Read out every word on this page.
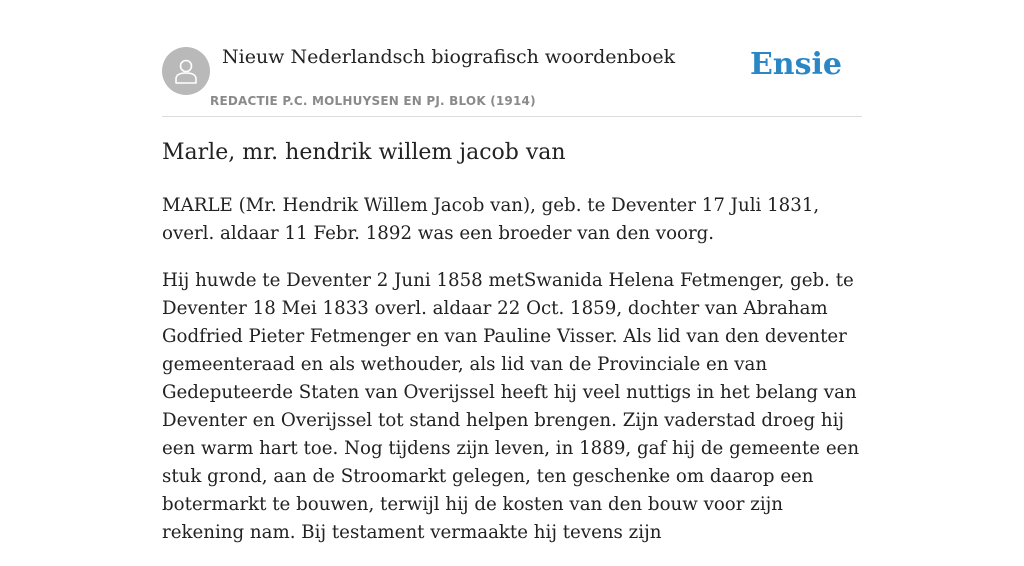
Nieuw Nederlandsch biografisch woordenboek
REDACTIE P.C. MOLHUYSEN EN PJ. BLOK (1914)
Ensie
Marle, mr. hendrik willem jacob van

MARLE (Mr. Hendrik Willem Jacob van), geb. te Deventer 17 Juli 1831, overl. aldaar 11 Febr. 1892 was een broeder van den voorg.

Hij huwde te Deventer 2 Juni 1858 metSwanida Helena Fetmenger, geb. te Deventer 18 Mei 1833 overl. aldaar 22 Oct. 1859, dochter van Abraham Godfried Pieter Fetmenger en van Pauline Visser. Als lid van den deventer gemeenteraad en als wethouder, als lid van de Provinciale en van Gedeputeerde Staten van Overijssel heeft hij veel nuttigs in het belang van Deventer en Overijssel tot stand helpen brengen. Zijn vaderstad droeg hij een warm hart toe. Nog tijdens zijn leven, in 1889, gaf hij de gemeente een stuk grond, aan de Stroomarkt gelegen, ten geschenke om daarop een botermarkt te bouwen, terwijl hij de kosten van den bouw voor zijn rekening nam. Bij testament vermaakte hij tevens zijn
